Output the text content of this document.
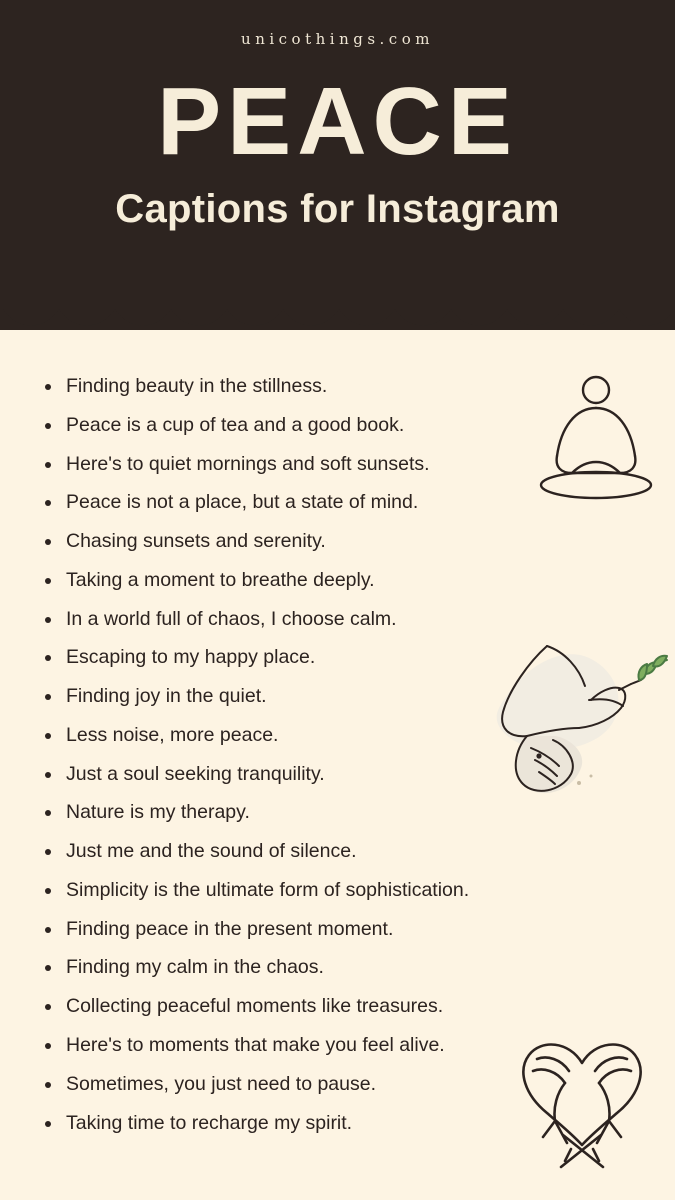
unicothings.com

PEACE
Captions for Instagram
Finding beauty in the stillness.
Peace is a cup of tea and a good book.
Here's to quiet mornings and soft sunsets.
Peace is not a place, but a state of mind.
Chasing sunsets and serenity.
Taking a moment to breathe deeply.
In a world full of chaos, I choose calm.
Escaping to my happy place.
Finding joy in the quiet.
Less noise, more peace.
Just a soul seeking tranquility.
Nature is my therapy.
Just me and the sound of silence.
Simplicity is the ultimate form of sophistication.
Finding peace in the present moment.
Finding my calm in the chaos.
Collecting peaceful moments like treasures.
Here's to moments that make you feel alive.
Sometimes, you just need to pause.
Taking time to recharge my spirit.
